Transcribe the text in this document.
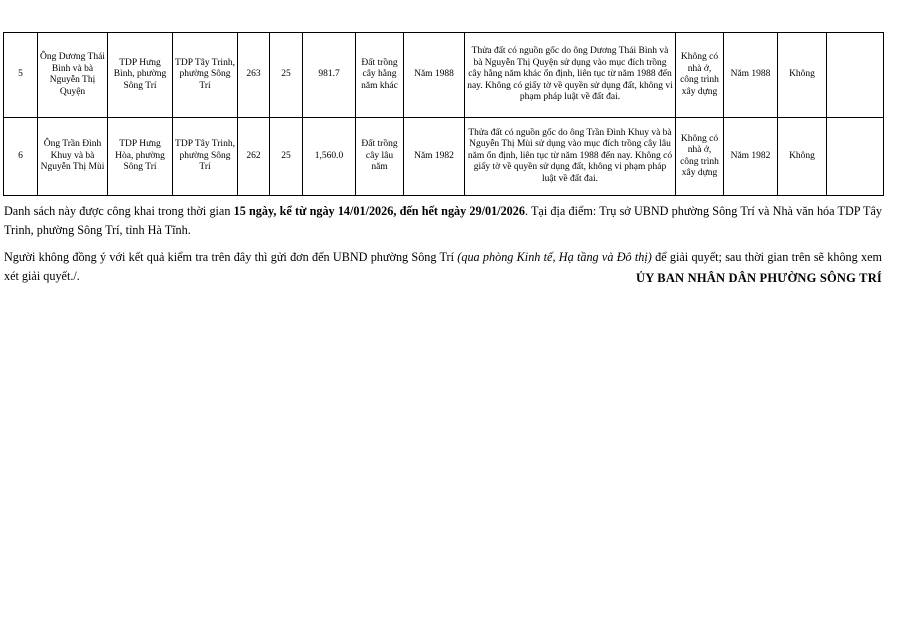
5	Ông Dương Thái Bình và bà Nguyễn Thị Quyện	TDP Hưng Bình, phường Sông Trí	TDP Tây Trinh, phường Sông Trí	263	25	981.7	Đất trồng cây hằng năm khác	Năm 1988	Thửa đất có nguồn gốc do ông Dương Thái Bình và bà Nguyễn Thị Quyện sử dụng vào mục đích trồng cây hằng năm khác ổn định, liên tục từ năm 1988 đến nay. Không có giấy tờ về quyền sử dụng đất, không vi phạm pháp luật về đất đai.	Không có nhà ở, công trình xây dựng	Năm 1988	Không	
6	Ông Trần Đình Khuy và bà Nguyễn Thị Mùi	TDP Hưng Hòa, phường Sông Trí	TDP Tây Trinh, phường Sông Trí	262	25	1,560.0	Đất trồng cây lâu năm	Năm 1982	Thửa đất có nguồn gốc do ông Trần Đình Khuy và bà Nguyễn Thị Mùi sử dụng vào mục đích trồng cây lâu năm ổn định, liên tục từ năm 1988 đến nay. Không có giấy tờ về quyền sử dụng đất, không vi phạm pháp luật về đất đai.	Không có nhà ở, công trình xây dựng	Năm 1982	Không	

Danh sách này được công khai trong thời gian 15 ngày, kể từ ngày 14/01/2026, đến hết ngày 29/01/2026. Tại địa điểm: Trụ sở UBND phường Sông Trí và Nhà văn hóa TDP Tây Trinh, phường Sông Trí, tỉnh Hà Tĩnh.

Người không đồng ý với kết quả kiểm tra trên đây thì gửi đơn đến UBND phường Sông Trí (qua phòng Kinh tế, Hạ tầng và Đô thị) để giải quyết; sau thời gian trên sẽ không xem xét giải quyết./.	ỦY BAN NHÂN DÂN PHƯỜNG SÔNG TRÍ
